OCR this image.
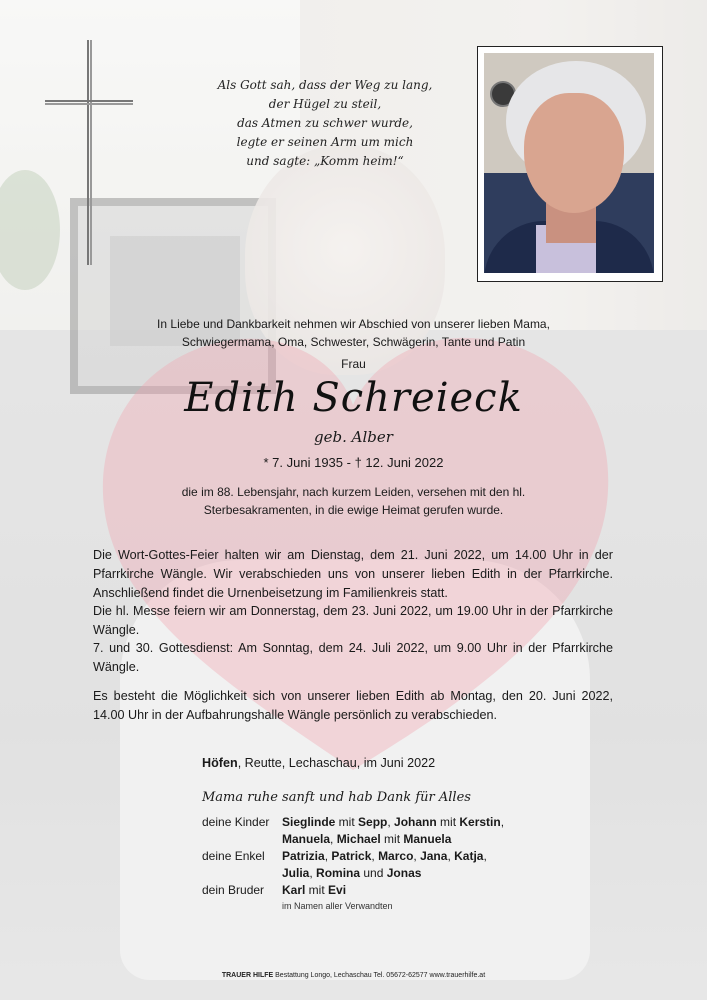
Als Gott sah, dass der Weg zu lang,
der Hügel zu steil,
das Atmen zu schwer wurde,
legte er seinen Arm um mich
und sagte: „Komm heim!“
In Liebe und Dankbarkeit nehmen wir Abschied von unserer lieben Mama, Schwiegermama, Oma, Schwester, Schwägerin, Tante und Patin
Frau
Edith Schreieck
geb. Alber
* 7. Juni 1935 - † 12. Juni 2022
die im 88. Lebensjahr, nach kurzem Leiden, versehen mit den hl. Sterbesakramenten, in die ewige Heimat gerufen wurde.
Die Wort-Gottes-Feier halten wir am Dienstag, dem 21. Juni 2022, um 14.00 Uhr in der Pfarrkirche Wängle. Wir verabschieden uns von unserer lieben Edith in der Pfarrkirche. Anschließend findet die Urnenbeisetzung im Familienkreis statt.
Die hl. Messe feiern wir am Donnerstag, dem 23. Juni 2022, um 19.00 Uhr in der Pfarrkirche Wängle.
7. und 30. Gottesdienst: Am Sonntag, dem 24. Juli 2022, um 9.00 Uhr in der Pfarrkirche Wängle.
Es besteht die Möglichkeit sich von unserer lieben Edith ab Montag, den 20. Juni 2022, 14.00 Uhr in der Aufbahrungshalle Wängle persönlich zu verabschieden.
Höfen, Reutte, Lechaschau, im Juni 2022
Mama ruhe sanft und hab Dank für Alles
deine Kinder	Sieglinde mit Sepp, Johann mit Kerstin,
Manuela, Michael mit Manuela
deine Enkel	Patrizia, Patrick, Marco, Jana, Katja,
Julia, Romina und Jonas
dein Bruder	Karl mit Evi
im Namen aller Verwandten
TRAUER HILFE Bestattung Longo, Lechaschau Tel. 05672-62577 www.trauerhilfe.at
